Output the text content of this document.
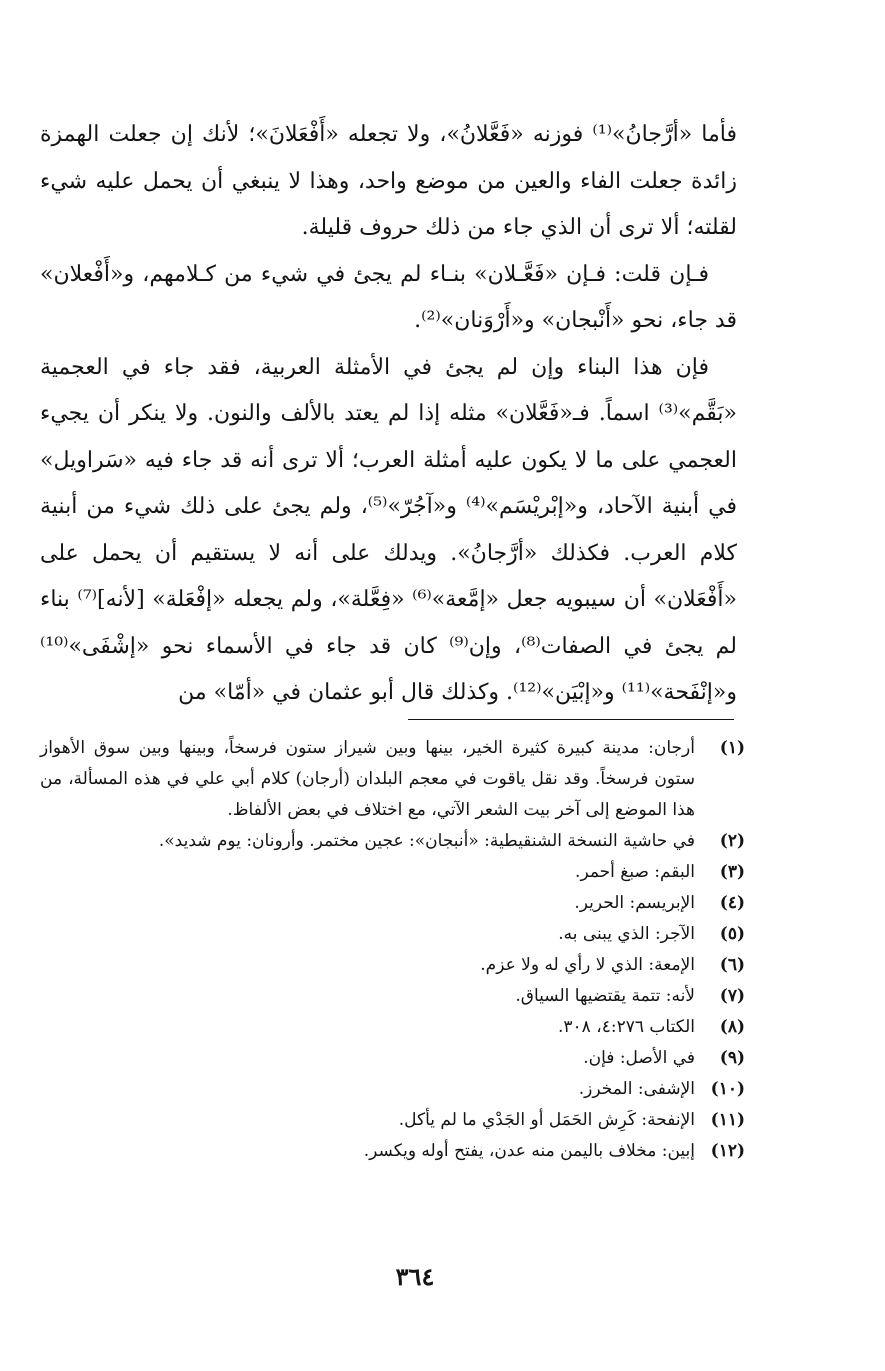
فأما «أرَّجانُ»⁽¹⁾ فوزنه «فَعَّلانُ»، ولا تجعله «أَفْعَلانَ»؛ لأنك إن جعلت الهمزة زائدة جعلت الفاء والعين من موضع واحد، وهذا لا ينبغي أن يحمل عليه شيء لقلته؛ ألا ترى أن الذي جاء من ذلك حروف قليلة.

فـإن قلت: فـإن «فَعَّـلان» بنـاء لم يجئ في شيء من كـلامهم، و«أَفْعلان» قد جاء، نحو «أَنْبجان» و«أَرْوَنان»⁽²⁾.

فإن هذا البناء وإن لم يجئ في الأمثلة العربية، فقد جاء في العجمية «بَقَّم»⁽³⁾ اسماً. فـ«فَعَّلان» مثله إذا لم يعتد بالألف والنون. ولا ينكر أن يجيء العجمي على ما لا يكون عليه أمثلة العرب؛ ألا ترى أنه قد جاء فيه «سَراويل» في أبنية الآحاد، و«إبْريْسَم»⁽⁴⁾ و«آجُرّ»⁽⁵⁾، ولم يجئ على ذلك شيء من أبنية كلام العرب. فكذلك «أرَّجانُ». ويدلك على أنه لا يستقيم أن يحمل على «أَفْعَلان» أن سيبويه جعل «إمَّعة»⁽⁶⁾ «فِعَّلة»، ولم يجعله «إفْعَلة» [لأنه]⁽⁷⁾ بناء لم يجئ في الصفات⁽⁸⁾، وإن⁽⁹⁾ كان قد جاء في الأسماء نحو «إشْفَى»⁽¹⁰⁾ و«إنْفَحة»⁽¹¹⁾ و«إبْيَن»⁽¹²⁾. وكذلك قال أبو عثمان في «أمّا» من

(١)
أرجان: مدينة كبيرة كثيرة الخير، بينها وبين شيراز ستون فرسخاً، وبينها وبين سوق الأهواز ستون فرسخاً. وقد نقل ياقوت في معجم البلدان (أرجان) كلام أبي علي في هذه المسألة، من هذا الموضع إلى آخر بيت الشعر الآتي، مع اختلاف في بعض الألفاظ.
(٢)
في حاشية النسخة الشنقيطية: «أنبجان»: عجين مختمر. وأرونان: يوم شديد».
(٣)
البقم: صبغ أحمر.
(٤)
الإبريسم: الحرير.
(٥)
الآجر: الذي يبنى به.
(٦)
الإمعة: الذي لا رأي له ولا عزم.
(٧)
لأنه: تتمة يقتضيها السياق.
(٨)
الكتاب ٤:٢٧٦، ٣٠٨.
(٩)
في الأصل: فإن.
(١٠)
الإشفى: المخرز.
(١١)
الإنفحة: كَرِش الحَمَل أو الجَدْي ما لم يأكل.
(١٢)
إبين: مخلاف باليمن منه عدن، يفتح أوله ويكسر.
٣٦٤
